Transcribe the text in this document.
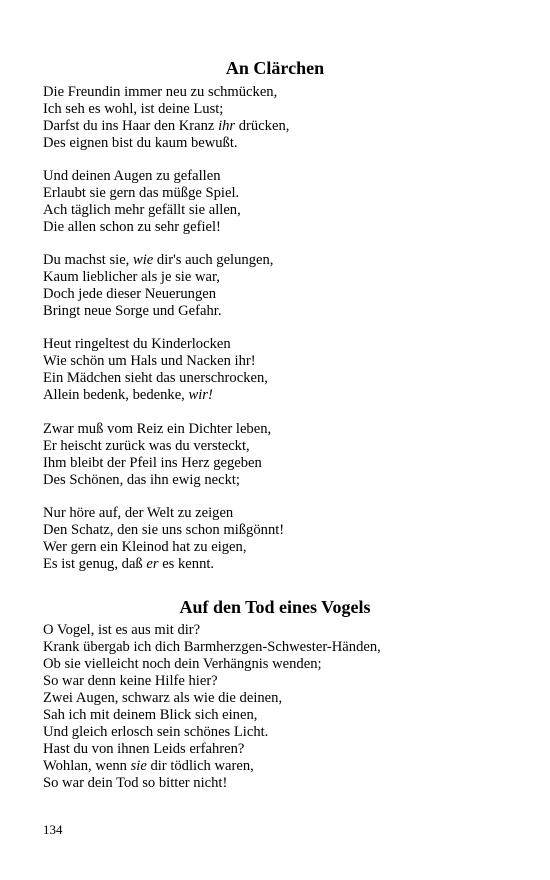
An Clärchen
Die Freundin immer neu zu schmücken,
Ich seh es wohl, ist deine Lust;
Darfst du ins Haar den Kranz ihr drücken,
Des eignen bist du kaum bewußt.
Und deinen Augen zu gefallen
Erlaubt sie gern das müßge Spiel.
Ach täglich mehr gefällt sie allen,
Die allen schon zu sehr gefiel!
Du machst sie, wie dir's auch gelungen,
Kaum lieblicher als je sie war,
Doch jede dieser Neuerungen
Bringt neue Sorge und Gefahr.
Heut ringeltest du Kinderlocken
Wie schön um Hals und Nacken ihr!
Ein Mädchen sieht das unerschrocken,
Allein bedenk, bedenke, wir!
Zwar muß vom Reiz ein Dichter leben,
Er heischt zurück was du versteckt,
Ihm bleibt der Pfeil ins Herz gegeben
Des Schönen, das ihn ewig neckt;
Nur höre auf, der Welt zu zeigen
Den Schatz, den sie uns schon mißgönnt!
Wer gern ein Kleinod hat zu eigen,
Es ist genug, daß er es kennt.
Auf den Tod eines Vogels
O Vogel, ist es aus mit dir?
Krank übergab ich dich Barmherzgen-Schwester-Händen,
Ob sie vielleicht noch dein Verhängnis wenden;
So war denn keine Hilfe hier?
Zwei Augen, schwarz als wie die deinen,
Sah ich mit deinem Blick sich einen,
Und gleich erlosch sein schönes Licht.
Hast du von ihnen Leids erfahren?
Wohlan, wenn sie dir tödlich waren,
So war dein Tod so bitter nicht!
134
